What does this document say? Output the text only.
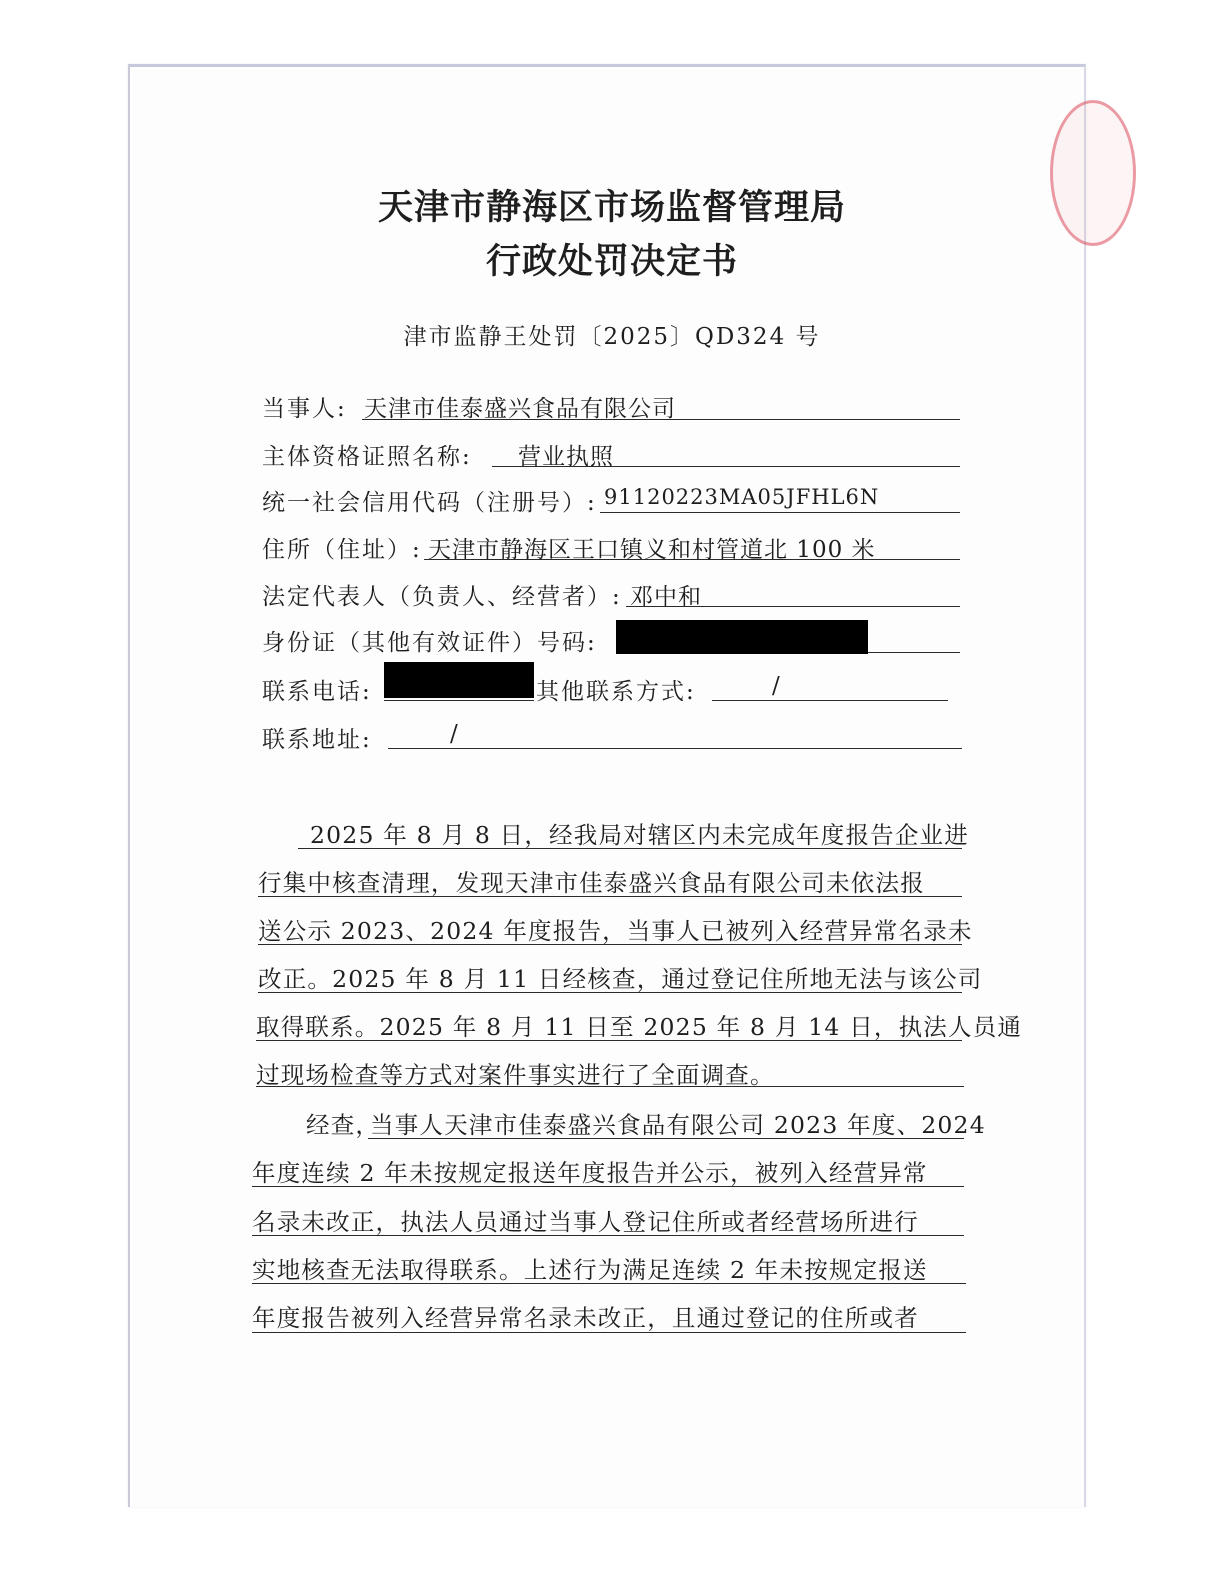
天津市静海区市场监督管理局
行政处罚决定书
津市监静王处罚〔2025〕QD324 号
当事人: 天津市佳泰盛兴食品有限公司
主体资格证照名称: 营业执照
统一社会信用代码（注册号）: 91120223MA05JFHL6N
住所（住址）: 天津市静海区王口镇义和村管道北 100 米
法定代表人（负责人、经营者）: 邓中和
身份证（其他有效证件）号码:
联系电话:	其他联系方式:	/
联系地址:	/
2025 年 8 月 8 日，经我局对辖区内未完成年度报告企业进
行集中核查清理，发现天津市佳泰盛兴食品有限公司未依法报
送公示 2023、2024 年度报告，当事人已被列入经营异常名录未
改正。2025 年 8 月 11 日经核查，通过登记住所地无法与该公司
取得联系。2025 年 8 月 11 日至 2025 年 8 月 14 日，执法人员通
过现场检查等方式对案件事实进行了全面调查。
经查，
当事人天津市佳泰盛兴食品有限公司 2023 年度、2024
年度连续 2 年未按规定报送年度报告并公示，被列入经营异常
名录未改正，执法人员通过当事人登记住所或者经营场所进行
实地核查无法取得联系。上述行为满足连续 2 年未按规定报送
年度报告被列入经营异常名录未改正，且通过登记的住所或者
